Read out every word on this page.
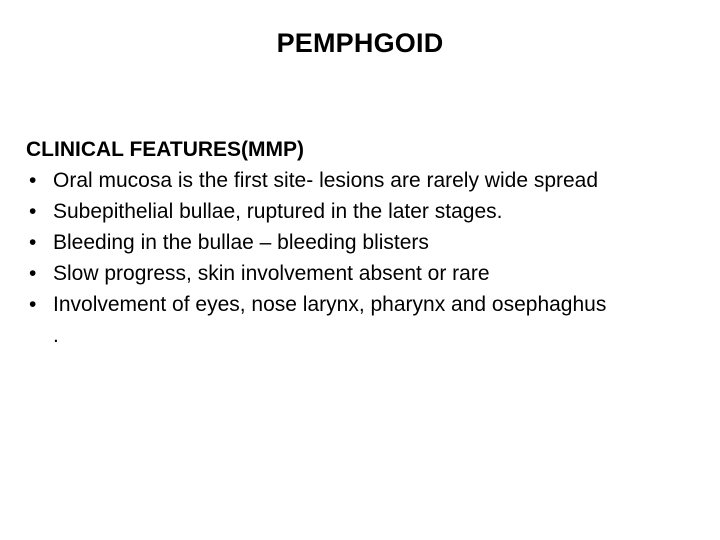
PEMPHGOID
CLINICAL FEATURES(MMP)
• Oral mucosa is the first site- lesions are rarely wide spread
• Subepithelial bullae, ruptured in the later stages.
• Bleeding in the bullae – bleeding blisters
• Slow progress, skin involvement absent or rare
• Involvement of eyes, nose larynx, pharynx and osephaghus .
